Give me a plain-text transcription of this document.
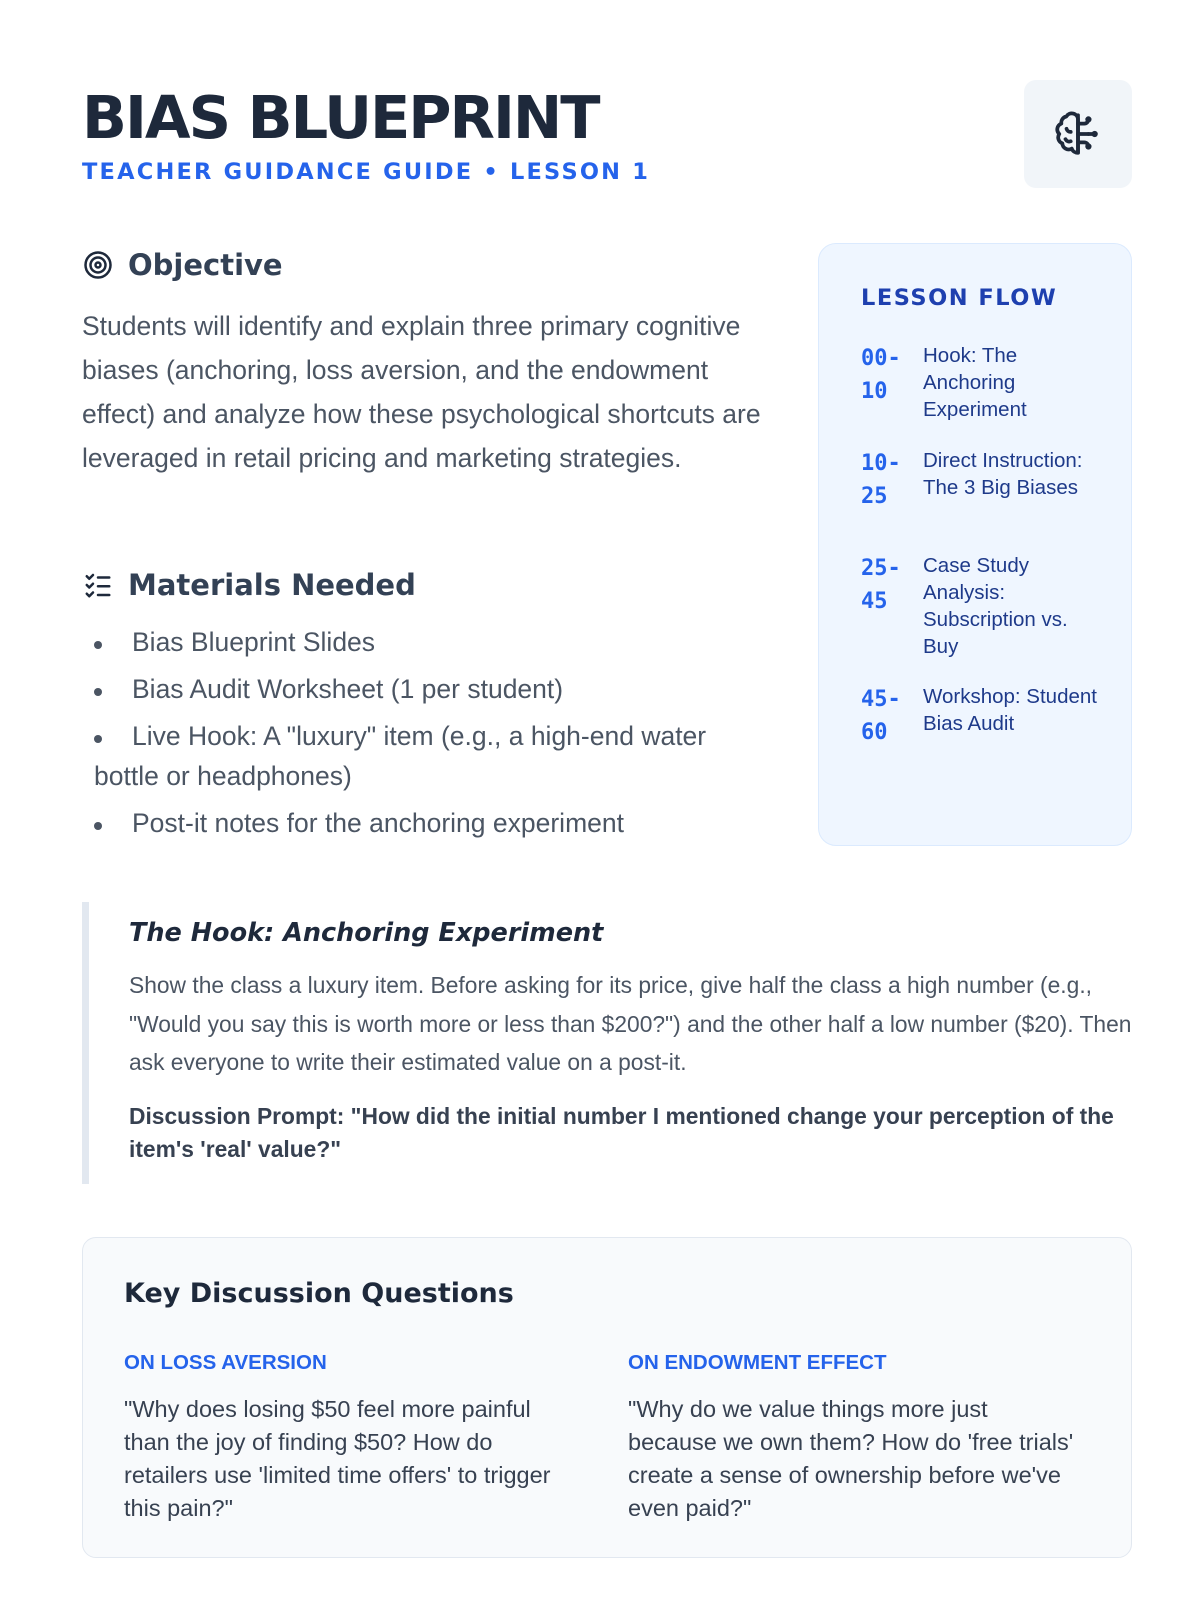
BIAS BLUEPRINT
TEACHER GUIDANCE GUIDE • LESSON 1
Objective

Students will identify and explain three primary cognitive biases (anchoring, loss aversion, and the endowment effect) and analyze how these psychological shortcuts are leveraged in retail pricing and marketing strategies.

Materials Needed
Bias Blueprint Slides
Bias Audit Worksheet (1 per student)
Live Hook: A "luxury" item (e.g., a high-end water bottle or headphones)
Post-it notes for the anchoring experiment
LESSON FLOW
00-10
Hook: The Anchoring Experiment
10-25
Direct Instruction: The 3 Big Biases
25-45
Case Study Analysis: Subscription vs. Buy
45-60
Workshop: Student Bias Audit
The Hook: Anchoring Experiment

Show the class a luxury item. Before asking for its price, give half the class a high number (e.g., "Would you say this is worth more or less than $200?") and the other half a low number ($20). Then ask everyone to write their estimated value on a post-it.

Discussion Prompt: "How did the initial number I mentioned change your perception of the item's 'real' value?"

Key Discussion Questions
ON LOSS AVERSION

"Why does losing $50 feel more painful than the joy of finding $50? How do retailers use 'limited time offers' to trigger this pain?"

ON ENDOWMENT EFFECT

"Why do we value things more just because we own them? How do 'free trials' create a sense of ownership before we've even paid?"
